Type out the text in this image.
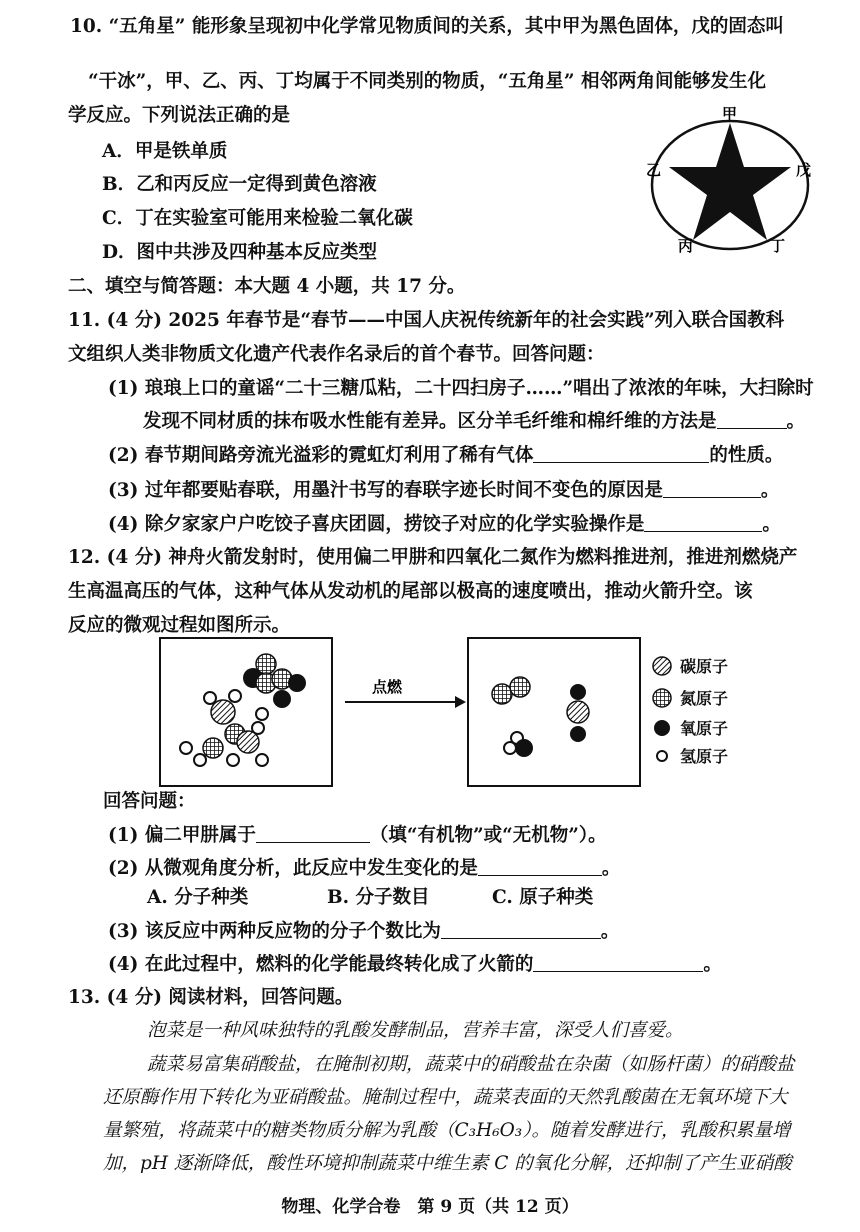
10. “五角星” 能形象呈现初中化学常见物质间的关系，其中甲为黑色固体，戊的固态叫
“干冰”，甲、乙、丙、丁均属于不同类别的物质，“五角星” 相邻两角间能够发生化
学反应。下列说法正确的是
A．甲是铁单质
B．乙和丙反应一定得到黄色溶液
C．丁在实验室可能用来检验二氧化碳
D．图中共涉及四种基本反应类型
甲
乙	戊
丙	丁
二、填空与简答题：本大题 4 小题，共 17 分。
11. (4 分) 2025 年春节是“春节——中国人庆祝传统新年的社会实践”列入联合国教科
文组织人类非物质文化遗产代表作名录后的首个春节。回答问题：
(1) 琅琅上口的童谣“二十三糖瓜粘，二十四扫房子……”唱出了浓浓的年味，大扫除时
发现不同材质的抹布吸水性能有差异。区分羊毛纤维和棉纤维的方法是	。
(2) 春节期间路旁流光溢彩的霓虹灯利用了稀有气体	的性质。
(3) 过年都要贴春联，用墨汁书写的春联字迹长时间不变色的原因是	。
(4) 除夕家家户户吃饺子喜庆团圆，捞饺子对应的化学实验操作是	。
12. (4 分) 神舟火箭发射时，使用偏二甲肼和四氧化二氮作为燃料推进剂，推进剂燃烧产
生高温高压的气体，这种气体从发动机的尾部以极高的速度喷出，推动火箭升空。该
反应的微观过程如图所示。
点燃
碳原子
氮原子
氧原子
氢原子
回答问题：
(1) 偏二甲肼属于	（填“有机物”或“无机物”）。
(2) 从微观角度分析，此反应中发生变化的是	。
A. 分子种类	B. 分子数目	C. 原子种类
(3) 该反应中两种反应物的分子个数比为	。
(4) 在此过程中，燃料的化学能最终转化成了火箭的	。
13. (4 分) 阅读材料，回答问题。
泡菜是一种风味独特的乳酸发酵制品，营养丰富，深受人们喜爱。
蔬菜易富集硝酸盐，在腌制初期，蔬菜中的硝酸盐在杂菌（如肠杆菌）的硝酸盐
还原酶作用下转化为亚硝酸盐。腌制过程中，蔬菜表面的天然乳酸菌在无氧环境下大
量繁殖，将蔬菜中的糖类物质分解为乳酸（C₃H₆O₃）。随着发酵进行，乳酸积累量增
加，pH 逐渐降低，酸性环境抑制蔬菜中维生素 C 的氧化分解，还抑制了产生亚硝酸
物理、化学合卷　第 9 页（共 12 页）
